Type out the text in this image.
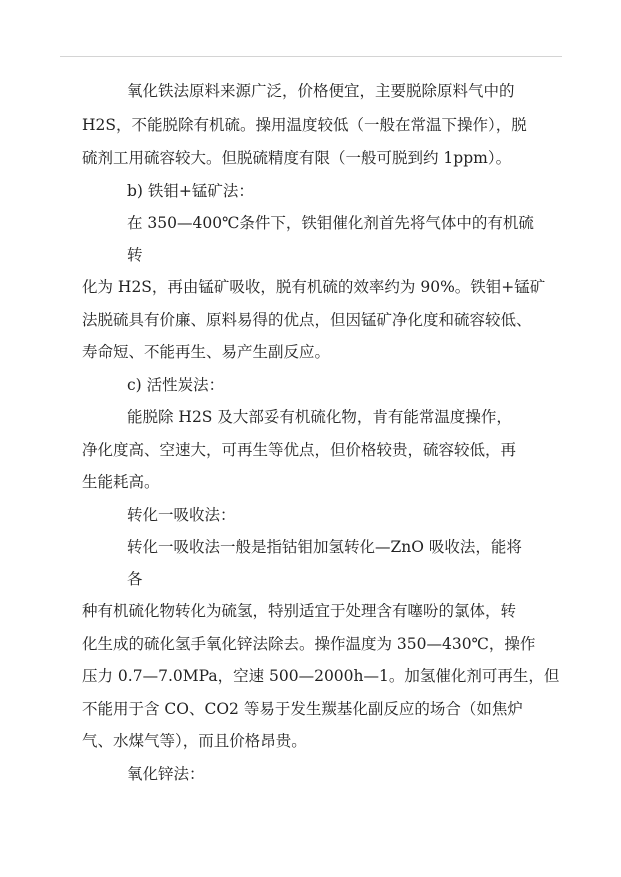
氧化铁法原料来源广泛，价格便宜，主要脱除原料气中的
H2S，不能脱除有机硫。操用温度较低（一般在常温下操作），脱
硫剂工用硫容较大。但脱硫精度有限（一般可脱到约 1ppm）。
b) 铁钼+锰矿法：
在 350—400℃条件下，铁钼催化剂首先将气体中的有机硫
转
化为 H2S，再由锰矿吸收，脱有机硫的效率约为 90%。铁钼+锰矿
法脱硫具有价廉、原料易得的优点，但因锰矿净化度和硫容较低、
寿命短、不能再生、易产生副反应。
c) 活性炭法：
能脱除 H2S 及大部妥有机硫化物，肯有能常温度操作，
净化度高、空速大，可再生等优点，但价格较贵，硫容较低，再
生能耗高。
转化一吸收法：
转化一吸收法一般是指钴钼加氢转化—ZnO 吸收法，能将
各
种有机硫化物转化为硫氢，特别适宜于处理含有噻吩的氯体，转
化生成的硫化氢手氧化锌法除去。操作温度为 350—430℃，操作
压力 0.7—7.0MPa，空速 500—2000h—1。加氢催化剂可再生，但
不能用于含 CO、CO2 等易于发生羰基化副反应的场合（如焦炉
气、水煤气等），而且价格昂贵。
氧化锌法：
